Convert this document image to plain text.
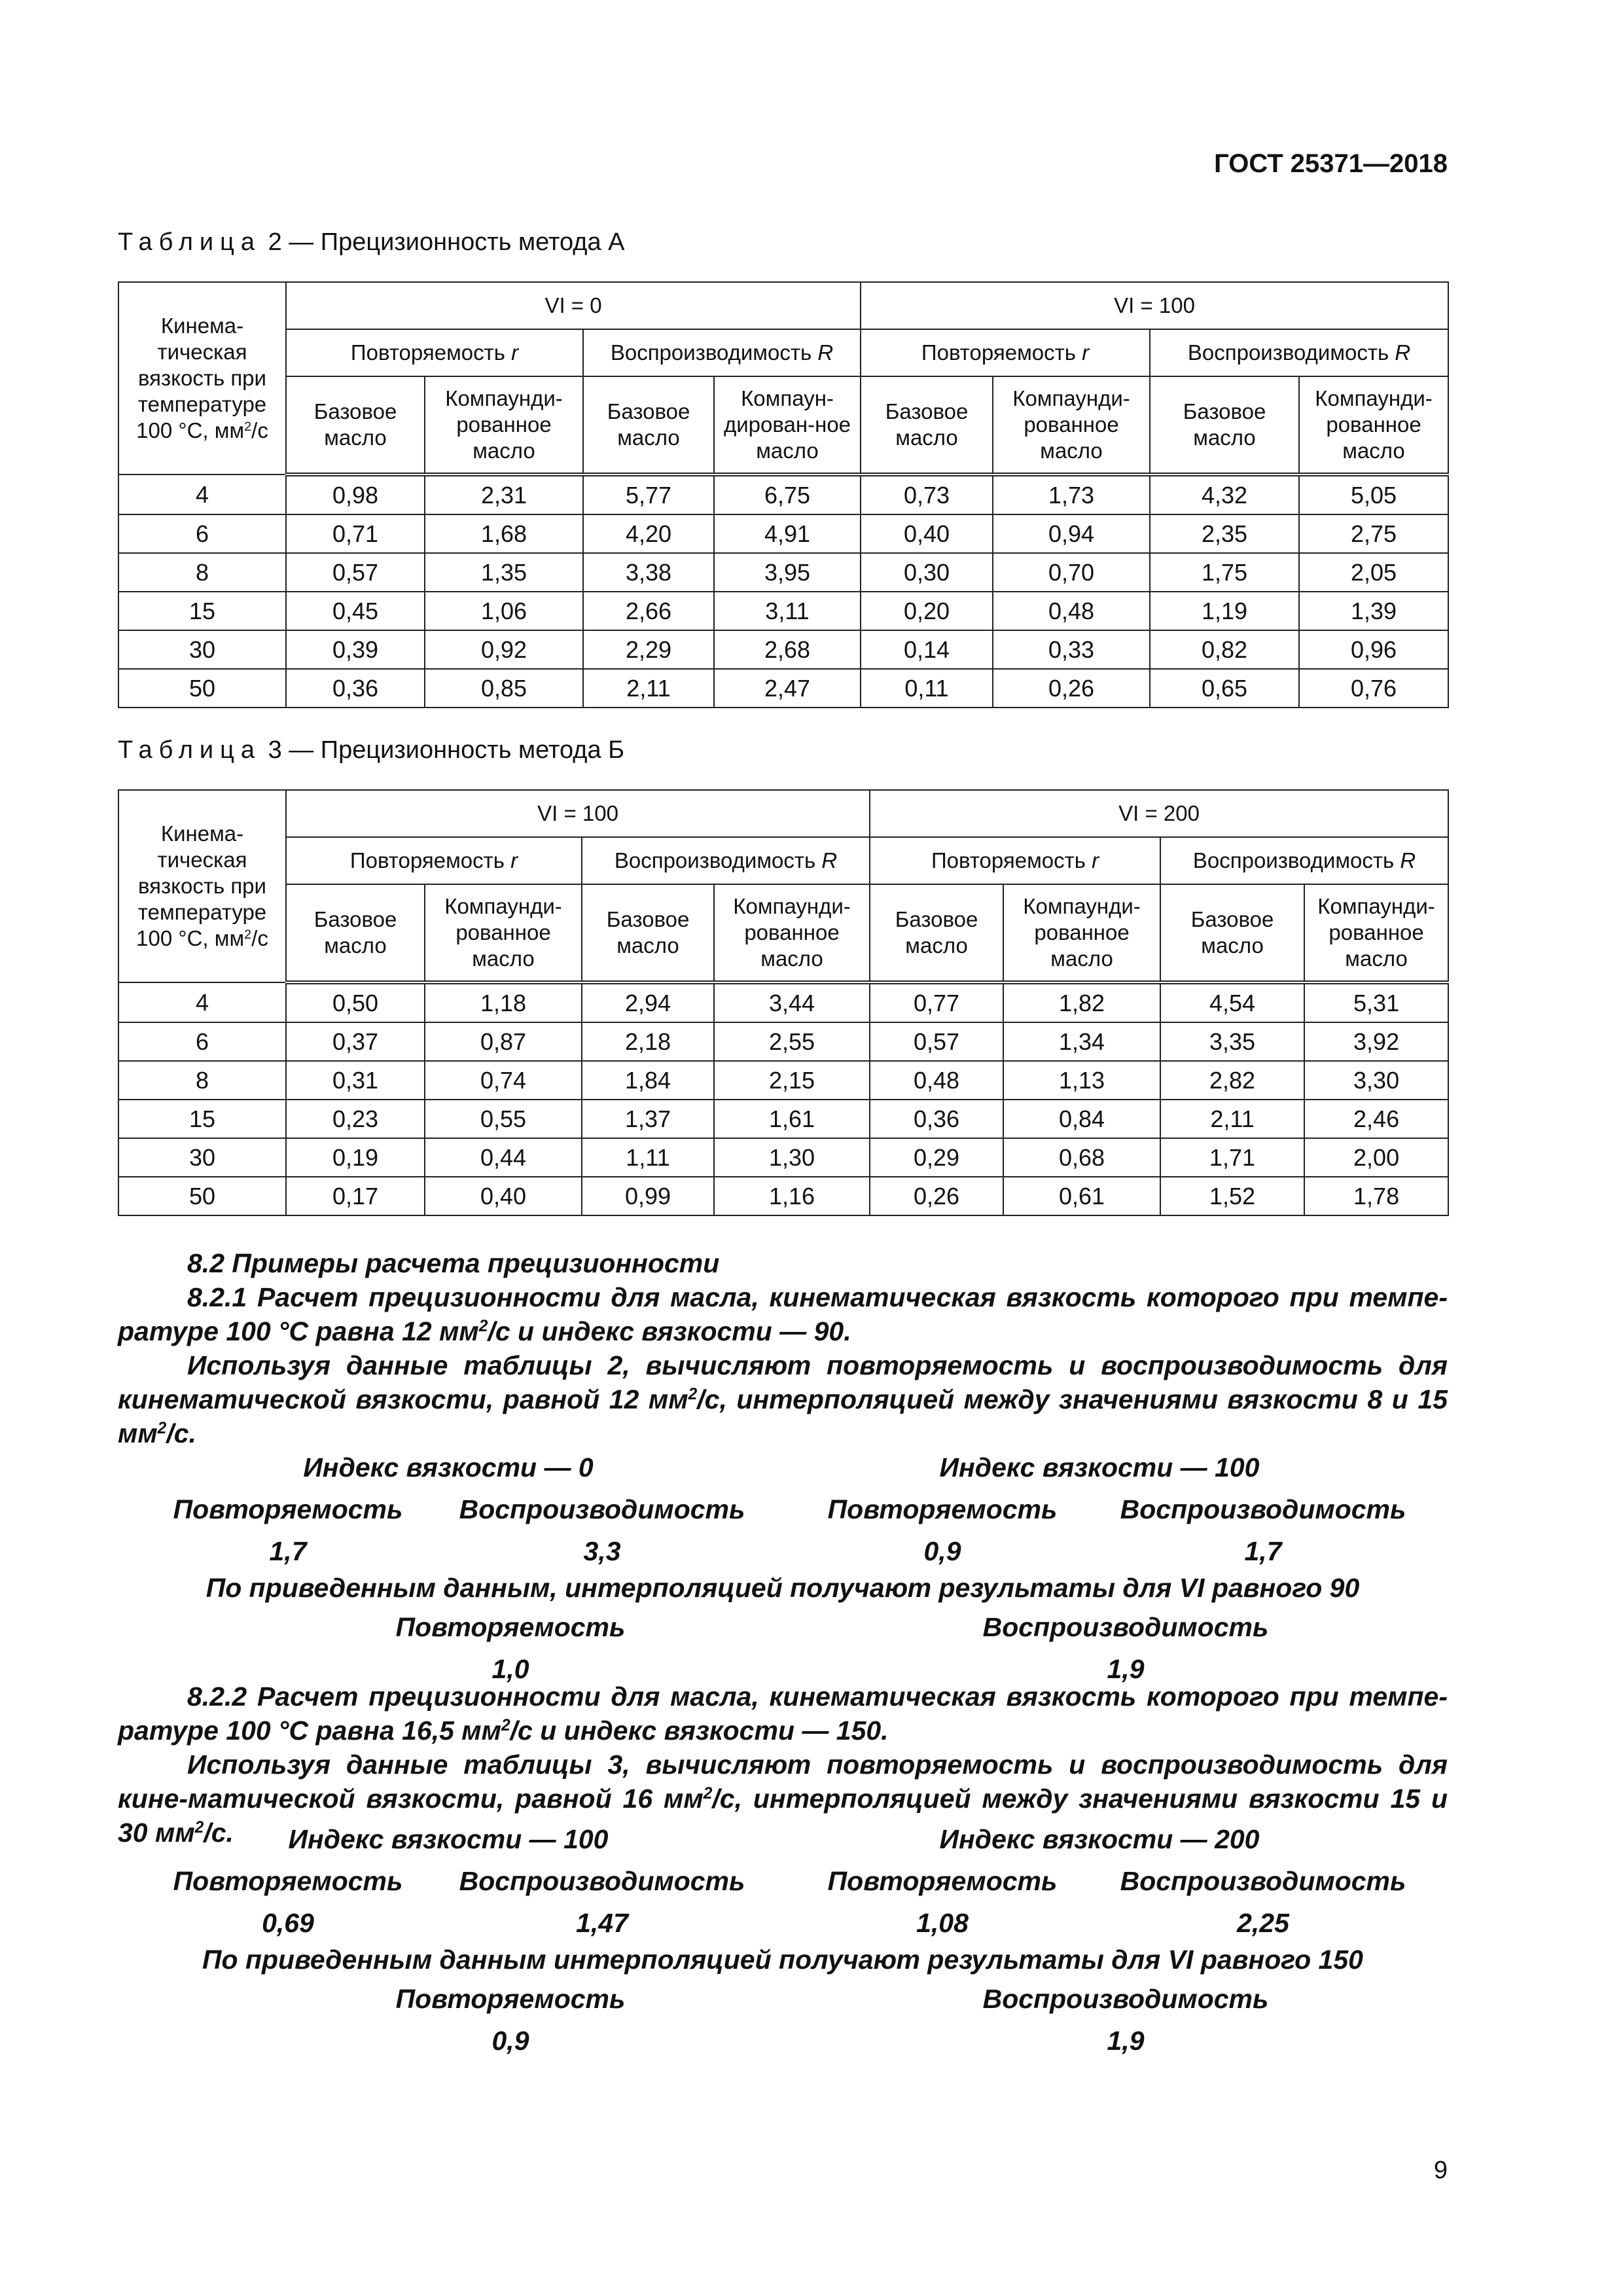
ГОСТ 25371—2018
Таблица 2 — Прецизионность метода А
Кинема-тическая вязкость при температуре 100 °С, $мм^2/с$	VI = 0				VI = 100			
	Повторяемость r		Воспроизводимость R		Повторяемость r		Воспроизводимость R	
	Базовое масло	Компаунди-рованное масло	Базовое масло	Компаун-дирован-ное масло	Базовое масло	Компаунди-рованное масло	Базовое масло	Компаунди-рованное масло
4	0,98	2,31	5,77	6,75	0,73	1,73	4,32	5,05
6	0,71	1,68	4,20	4,91	0,40	0,94	2,35	2,75
8	0,57	1,35	3,38	3,95	0,30	0,70	1,75	2,05
15	0,45	1,06	2,66	3,11	0,20	0,48	1,19	1,39
30	0,39	0,92	2,29	2,68	0,14	0,33	0,82	0,96
50	0,36	0,85	2,11	2,47	0,11	0,26	0,65	0,76
Таблица 3 — Прецизионность метода Б
Кинема-тическая вязкость при температуре 100 °С, $мм^2/с$	VI = 100				VI = 200			
	Повторяемость r		Воспроизводимость R		Повторяемость r		Воспроизводимость R	
	Базовое масло	Компаунди-рованное масло	Базовое масло	Компаунди-рованное масло	Базовое масло	Компаунди-рованное масло	Базовое масло	Компаунди-рованное масло
4	0,50	1,18	2,94	3,44	0,77	1,82	4,54	5,31
6	0,37	0,87	2,18	2,55	0,57	1,34	3,35	3,92
8	0,31	0,74	1,84	2,15	0,48	1,13	2,82	3,30
15	0,23	0,55	1,37	1,61	0,36	0,84	2,11	2,46
30	0,19	0,44	1,11	1,30	0,29	0,68	1,71	2,00
50	0,17	0,40	0,99	1,16	0,26	0,61	1,52	1,78

8.2 Примеры расчета прецизионности

8.2.1 Расчет прецизионности для масла, кинематическая вязкость которого при темпе-ратуре 100 °С равна 12 $мм^2/с$ и индекс вязкости — 90.

Используя данные таблицы 2, вычисляют повторяемость и воспроизводимость для кинематической вязкости, равной 12 $мм^2/с$, интерполяцией между значениями вязкости 8 и 15 $мм^2/с$.

Индекс вязкости — 0	Индекс вязкости — 100
Повторяемость	Воспроизводимость	Повторяемость	Воспроизводимость
1,7	3,3	0,9	1,7
По приведенным данным, интерполяцией получают результаты для VI равного 90
Повторяемость	Воспроизводимость
1,0	1,9

8.2.2 Расчет прецизионности для масла, кинематическая вязкость которого при темпе-ратуре 100 °С равна 16,5 $мм^2/с$ и индекс вязкости — 150.

Используя данные таблицы 3, вычисляют повторяемость и воспроизводимость для кине-матической вязкости, равной 16 $мм^2/с$, интерполяцией между значениями вязкости 15 и 30 $мм^2/с$.	Индекс вязкости — 100	Индекс вязкости — 200
Повторяемость	Воспроизводимость	Повторяемость	Воспроизводимость
0,69	1,47	1,08	2,25
По приведенным данным интерполяцией получают результаты для VI равного 150
Повторяемость	Воспроизводимость
0,9	1,9
9
